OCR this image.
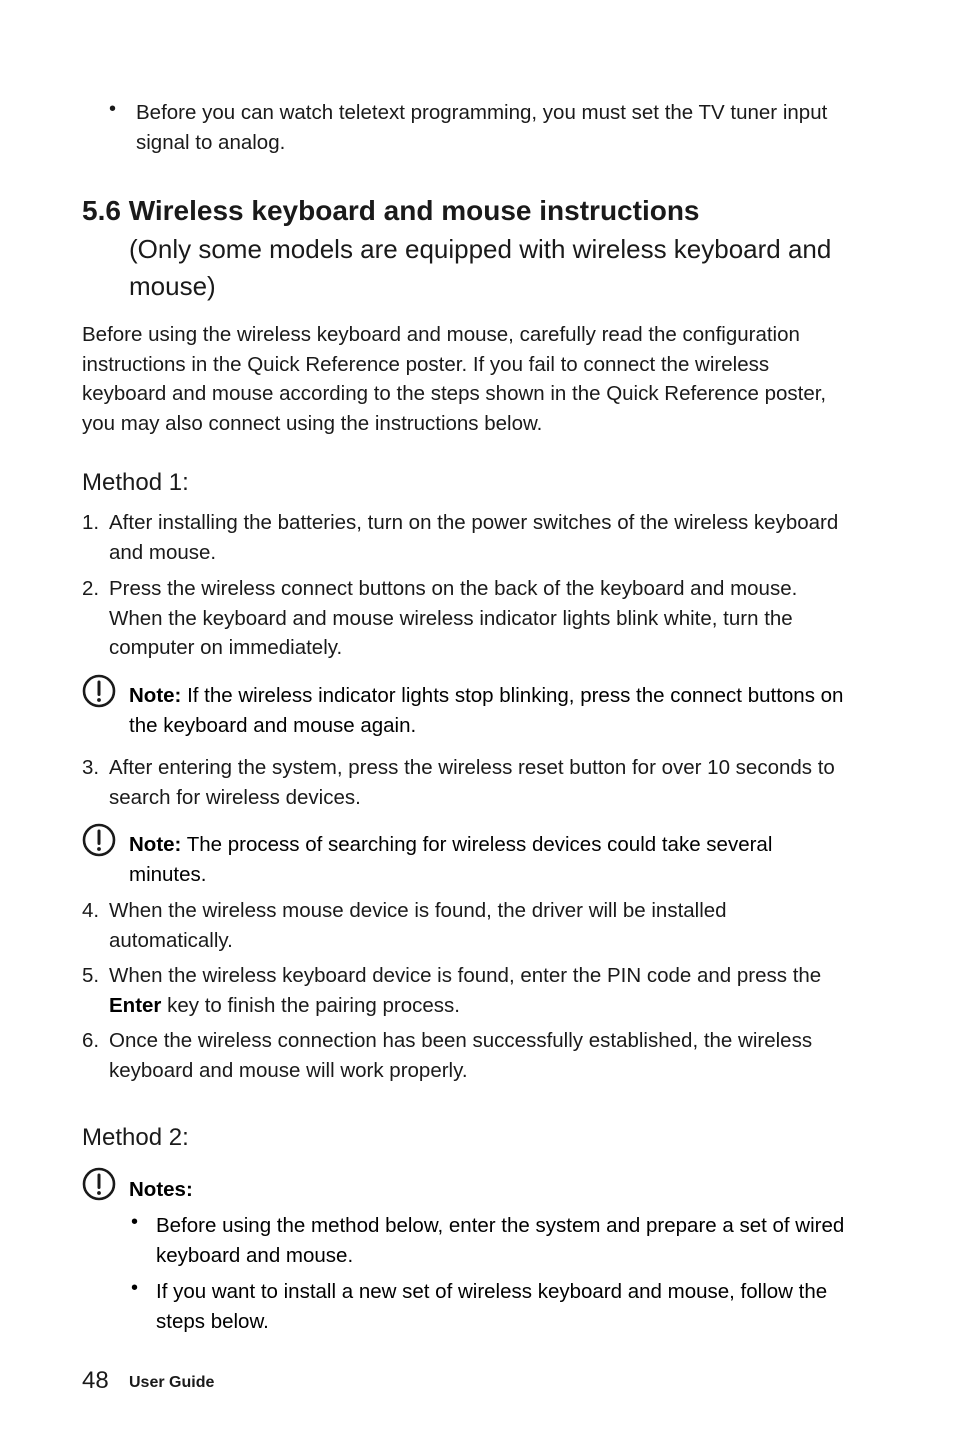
• Before you can watch teletext programming, you must set the TV tuner input signal to analog.
5.6 Wireless keyboard and mouse instructions
(Only some models are equipped with wireless keyboard and mouse)
Before using the wireless keyboard and mouse, carefully read the configuration instructions in the Quick Reference poster. If you fail to connect the wireless keyboard and mouse according to the steps shown in the Quick Reference poster, you may also connect using the instructions below.
Method 1:
1. After installing the batteries, turn on the power switches of the wireless keyboard and mouse.
2. Press the wireless connect buttons on the back of the keyboard and mouse. When the keyboard and mouse wireless indicator lights blink white, turn the computer on immediately.
Note: If the wireless indicator lights stop blinking, press the connect buttons on the keyboard and mouse again.
3. After entering the system, press the wireless reset button for over 10 seconds to search for wireless devices.
Note: The process of searching for wireless devices could take several minutes.
4. When the wireless mouse device is found, the driver will be installed automatically.
5. When the wireless keyboard device is found, enter the PIN code and press the Enter key to finish the pairing process.
6. Once the wireless connection has been successfully established, the wireless keyboard and mouse will work properly.
Method 2:
Notes:
• Before using the method below, enter the system and prepare a set of wired keyboard and mouse.
• If you want to install a new set of wireless keyboard and mouse, follow the steps below.
48 User Guide
